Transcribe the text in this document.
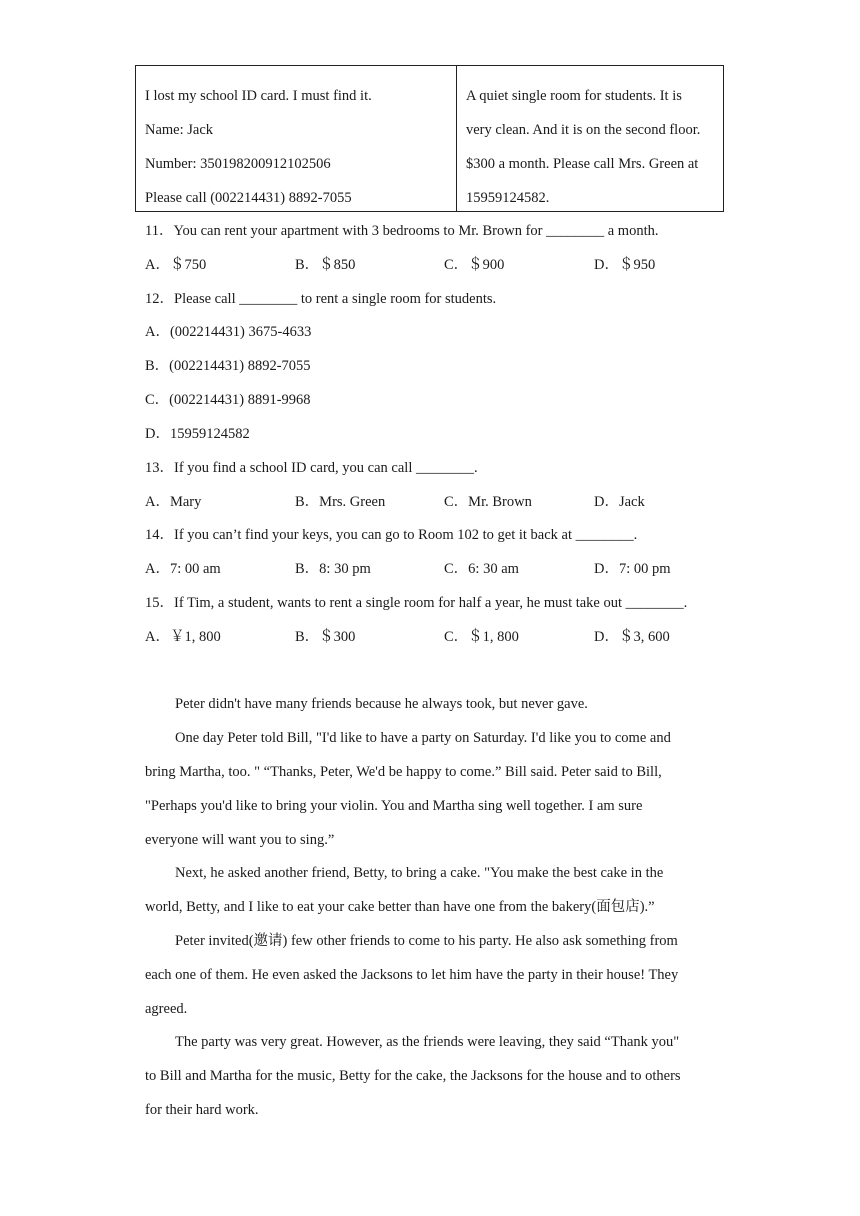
I lost my school ID card. I must find it.
Name: Jack
Number: 350198200912102506
Please call (002214431) 8892-7055
A quiet single room for students. It is
very clean. And it is on the second floor.
$300 a month. Please call Mrs. Green at
15959124582.
11．You can rent your apartment with 3 bedrooms to Mr. Brown for ________ a month.
A．＄750	B．＄850	C．＄900	D．＄950
12．Please call ________ to rent a single room for students.
A．(002214431) 3675-4633
B．(002214431) 8892-7055
C．(002214431) 8891-9968
D．15959124582
13．If you find a school ID card, you can call ________.
A．Mary	B．Mrs. Green	C．Mr. Brown	D．Jack
14．If you can’t find your keys, you can go to Room 102 to get it back at ________.
A．7: 00 am	B．8: 30 pm	C．6: 30 am	D．7: 00 pm
15．If Tim, a student, wants to rent a single room for half a year, he must take out ________.
A．￥1, 800	B．＄300	C．＄1, 800	D．＄3, 600
Peter didn't have many friends because he always took, but never gave.
One day Peter told Bill, "I'd like to have a party on Saturday. I'd like you to come and
bring Martha, too. " “Thanks, Peter, We'd be happy to come.” Bill said. Peter said to Bill,
"Perhaps you'd like to bring your violin. You and Martha sing well together. I am sure
everyone will want you to sing.”
Next, he asked another friend, Betty, to bring a cake. "You make the best cake in the
world, Betty, and I like to eat your cake better than have one from the bakery(面包店).”
Peter invited(邀请) few other friends to come to his party. He also ask something from
each one of them. He even asked the Jacksons to let him have the party in their house! They
agreed.
The party was very great. However, as the friends were leaving, they said “Thank you"
to Bill and Martha for the music, Betty for the cake, the Jacksons for the house and to others
for their hard work.
